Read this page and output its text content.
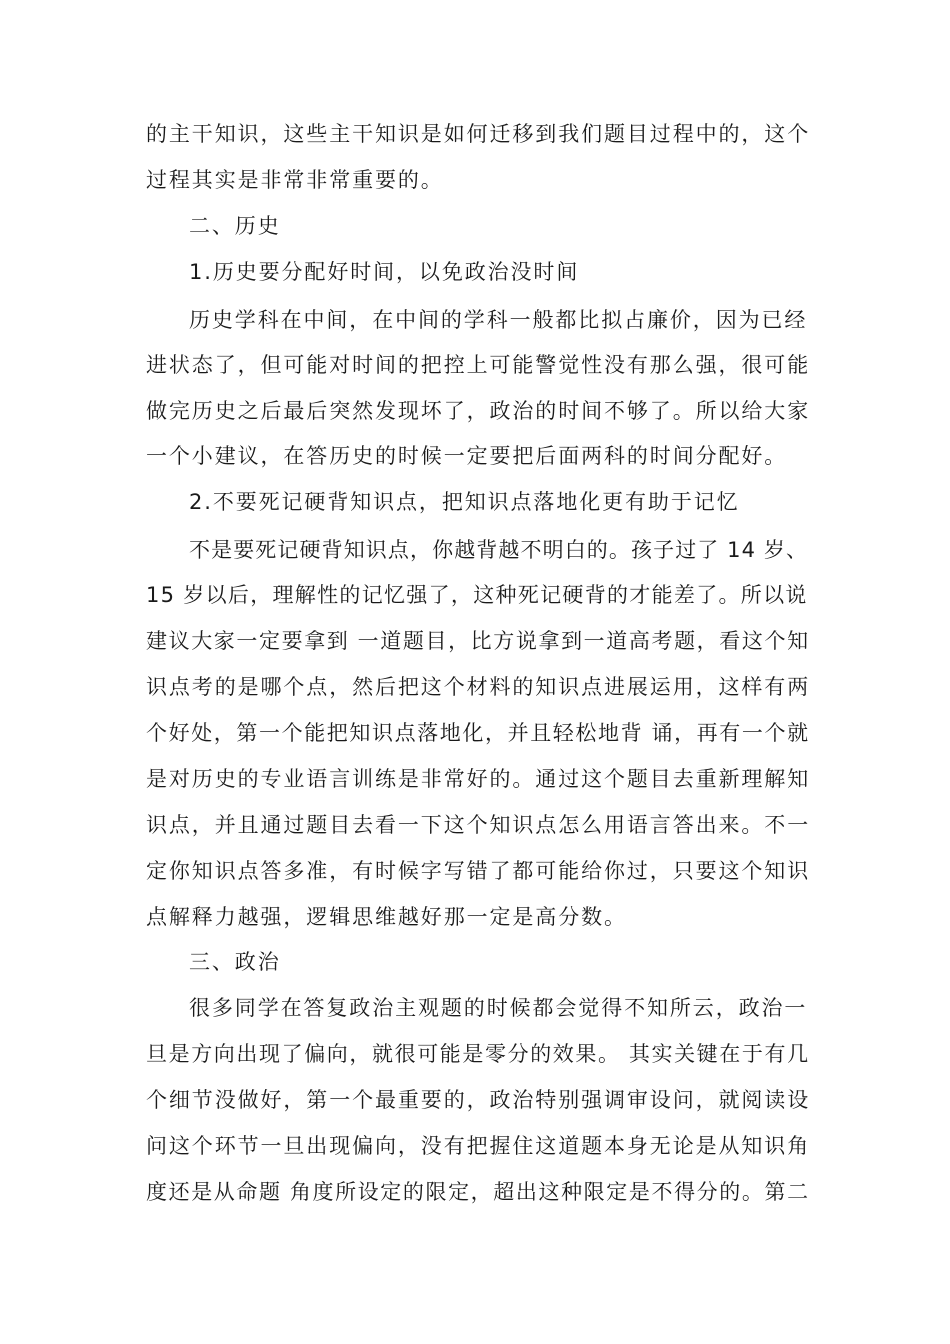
的主干知识，这些主干知识是如何迁移到我们题目过程中的，这个
过程其实是非常非常重要的。
二、历史
1.历史要分配好时间，以免政治没时间
历史学科在中间，在中间的学科一般都比拟占廉价，因为已经
进状态了，但可能对时间的把控上可能警觉性没有那么强，很可能
做完历史之后最后突然发现坏了，政治的时间不够了。所以给大家
一个小建议，在答历史的时候一定要把后面两科的时间分配好。
2.不要死记硬背知识点，把知识点落地化更有助于记忆
不是要死记硬背知识点，你越背越不明白的。孩子过了 14 岁、
15 岁以后，理解性的记忆强了，这种死记硬背的才能差了。所以说
建议大家一定要拿到 一道题目，比方说拿到一道高考题，看这个知
识点考的是哪个点，然后把这个材料的知识点进展运用，这样有两
个好处，第一个能把知识点落地化，并且轻松地背 诵，再有一个就
是对历史的专业语言训练是非常好的。通过这个题目去重新理解知
识点，并且通过题目去看一下这个知识点怎么用语言答出来。不一
定你知识点答多准，有时候字写错了都可能给你过，只要这个知识
点解释力越强，逻辑思维越好那一定是高分数。
三、政治
很多同学在答复政治主观题的时候都会觉得不知所云，政治一
旦是方向出现了偏向，就很可能是零分的效果。 其实关键在于有几
个细节没做好，第一个最重要的，政治特别强调审设问，就阅读设
问这个环节一旦出现偏向，没有把握住这道题本身无论是从知识角
度还是从命题 角度所设定的限定，超出这种限定是不得分的。第二
